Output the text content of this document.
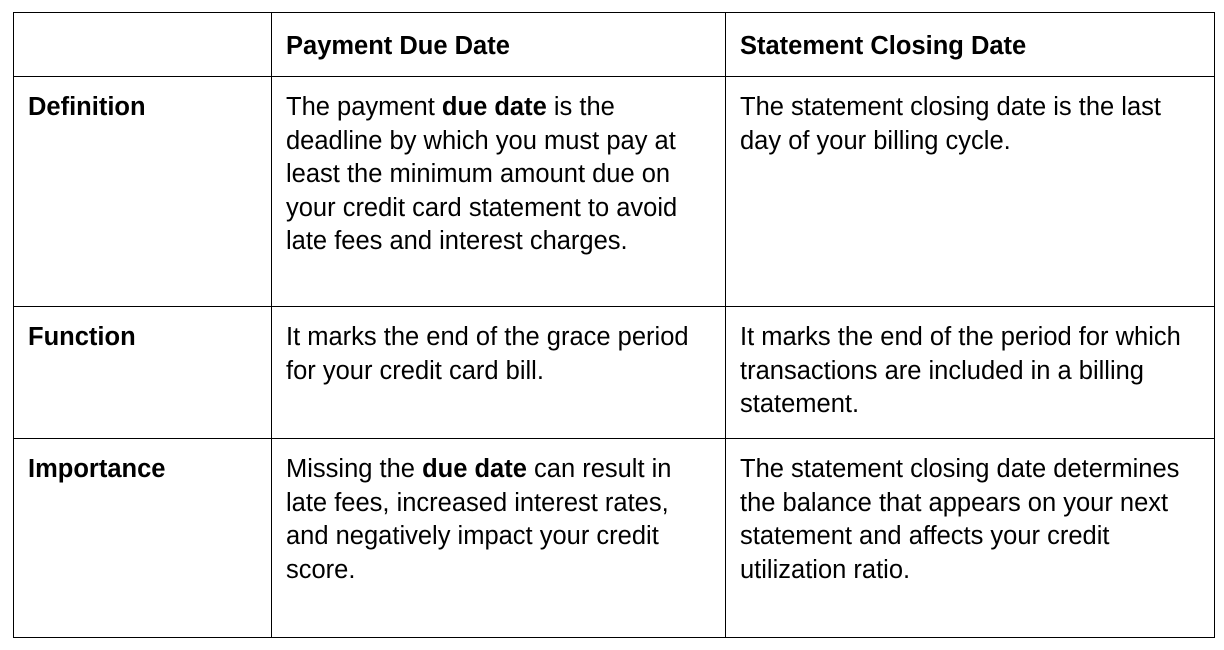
	Payment Due Date	Statement Closing Date
Definition	The payment due date is the deadline by which you must pay at least the minimum amount due on your credit card statement to avoid late fees and interest charges.	The statement closing date is the last day of your billing cycle.
Function	It marks the end of the grace period for your credit card bill.	It marks the end of the period for which transactions are included in a billing statement.
Importance	Missing the due date can result in late fees, increased interest rates, and negatively impact your credit score.	The statement closing date determines the balance that appears on your next statement and affects your credit utilization ratio.
